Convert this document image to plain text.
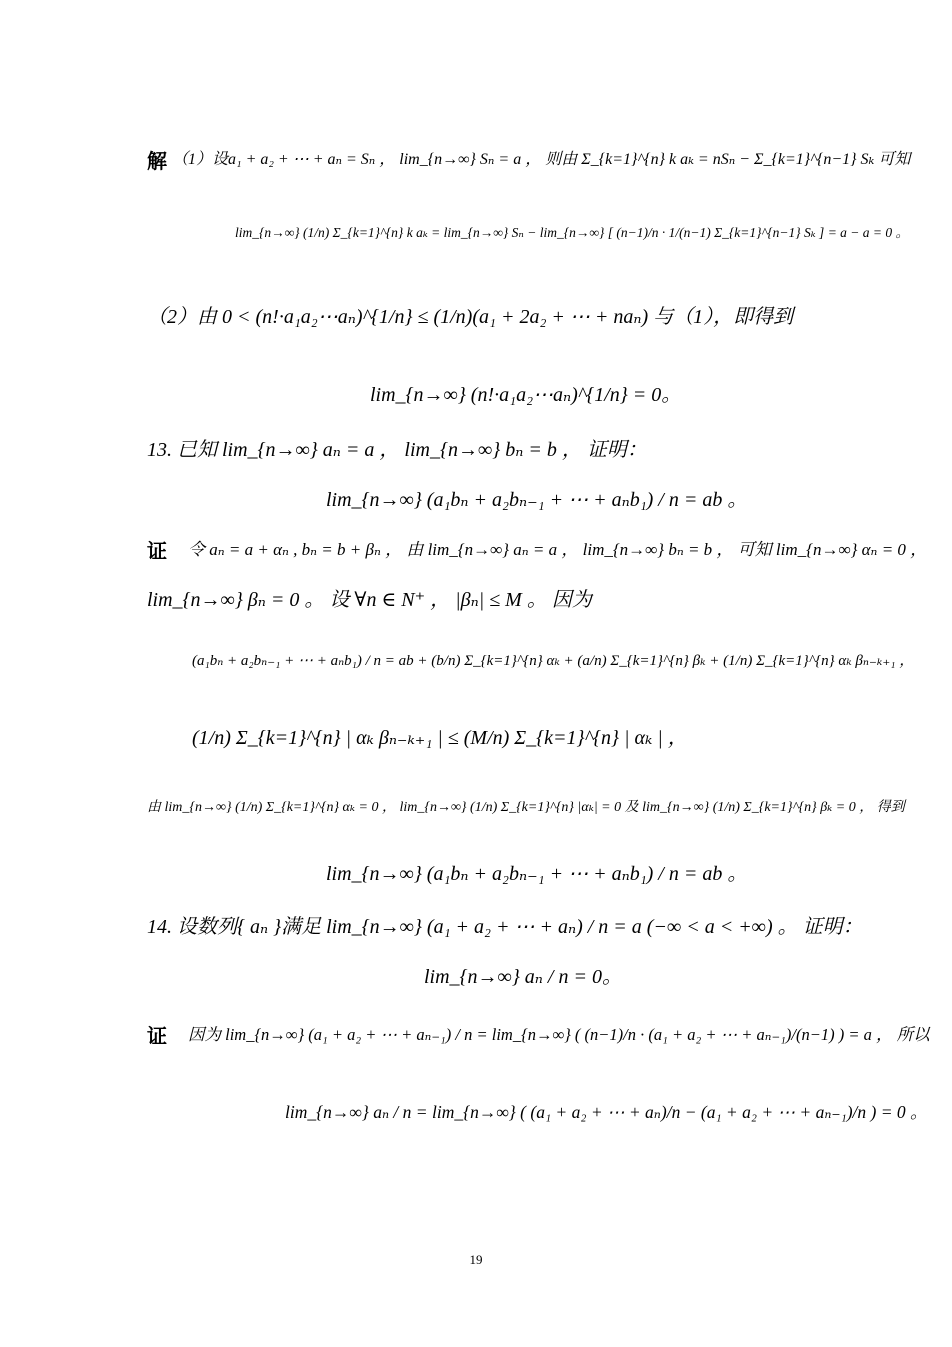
解 （1）设a₁ + a₂ + ⋯ + aₙ = Sₙ ， lim_{n→∞} Sₙ = a ， 则由 Σ_{k=1}^{n} k aₖ = nSₙ − Σ_{k=1}^{n−1} Sₖ 可知
lim_{n→∞} (1/n) Σ_{k=1}^{n} k aₖ = lim_{n→∞} Sₙ − lim_{n→∞} [ (n−1)/n · 1/(n−1) Σ_{k=1}^{n−1} Sₖ ] = a − a = 0 。
（2）由 0 < (n!·a₁a₂⋯aₙ)^{1/n} ≤ (1/n)(a₁ + 2a₂ + ⋯ + naₙ) 与（1），即得到
lim_{n→∞} (n!·a₁a₂⋯aₙ)^{1/n} = 0。
13. 已知 lim_{n→∞} aₙ = a ， lim_{n→∞} bₙ = b ， 证明：
lim_{n→∞} (a₁bₙ + a₂bₙ₋₁ + ⋯ + aₙb₁) / n = ab 。
证 令 aₙ = a + αₙ , bₙ = b + βₙ ， 由 lim_{n→∞} aₙ = a ， lim_{n→∞} bₙ = b ， 可知 lim_{n→∞} αₙ = 0 ，
lim_{n→∞} βₙ = 0 。 设 ∀n ∈ N⁺ ， |βₙ| ≤ M 。 因为
(a₁bₙ + a₂bₙ₋₁ + ⋯ + aₙb₁) / n = ab + (b/n) Σ_{k=1}^{n} αₖ + (a/n) Σ_{k=1}^{n} βₖ + (1/n) Σ_{k=1}^{n} αₖ βₙ₋ₖ₊₁ ，
(1/n) Σ_{k=1}^{n} | αₖ βₙ₋ₖ₊₁ | ≤ (M/n) Σ_{k=1}^{n} | αₖ | ，
由 lim_{n→∞} (1/n) Σ_{k=1}^{n} αₖ = 0 ， lim_{n→∞} (1/n) Σ_{k=1}^{n} |αₖ| = 0 及 lim_{n→∞} (1/n) Σ_{k=1}^{n} βₖ = 0 ， 得到
lim_{n→∞} (a₁bₙ + a₂bₙ₋₁ + ⋯ + aₙb₁) / n = ab 。
14. 设数列{ aₙ }满足 lim_{n→∞} (a₁ + a₂ + ⋯ + aₙ) / n = a (−∞ < a < +∞) 。 证明：
lim_{n→∞} aₙ / n = 0。
证 因为 lim_{n→∞} (a₁ + a₂ + ⋯ + aₙ₋₁) / n = lim_{n→∞} ( (n−1)/n · (a₁ + a₂ + ⋯ + aₙ₋₁)/(n−1) ) = a ， 所以
lim_{n→∞} aₙ / n = lim_{n→∞} ( (a₁ + a₂ + ⋯ + aₙ)/n − (a₁ + a₂ + ⋯ + aₙ₋₁)/n ) = 0 。
19
